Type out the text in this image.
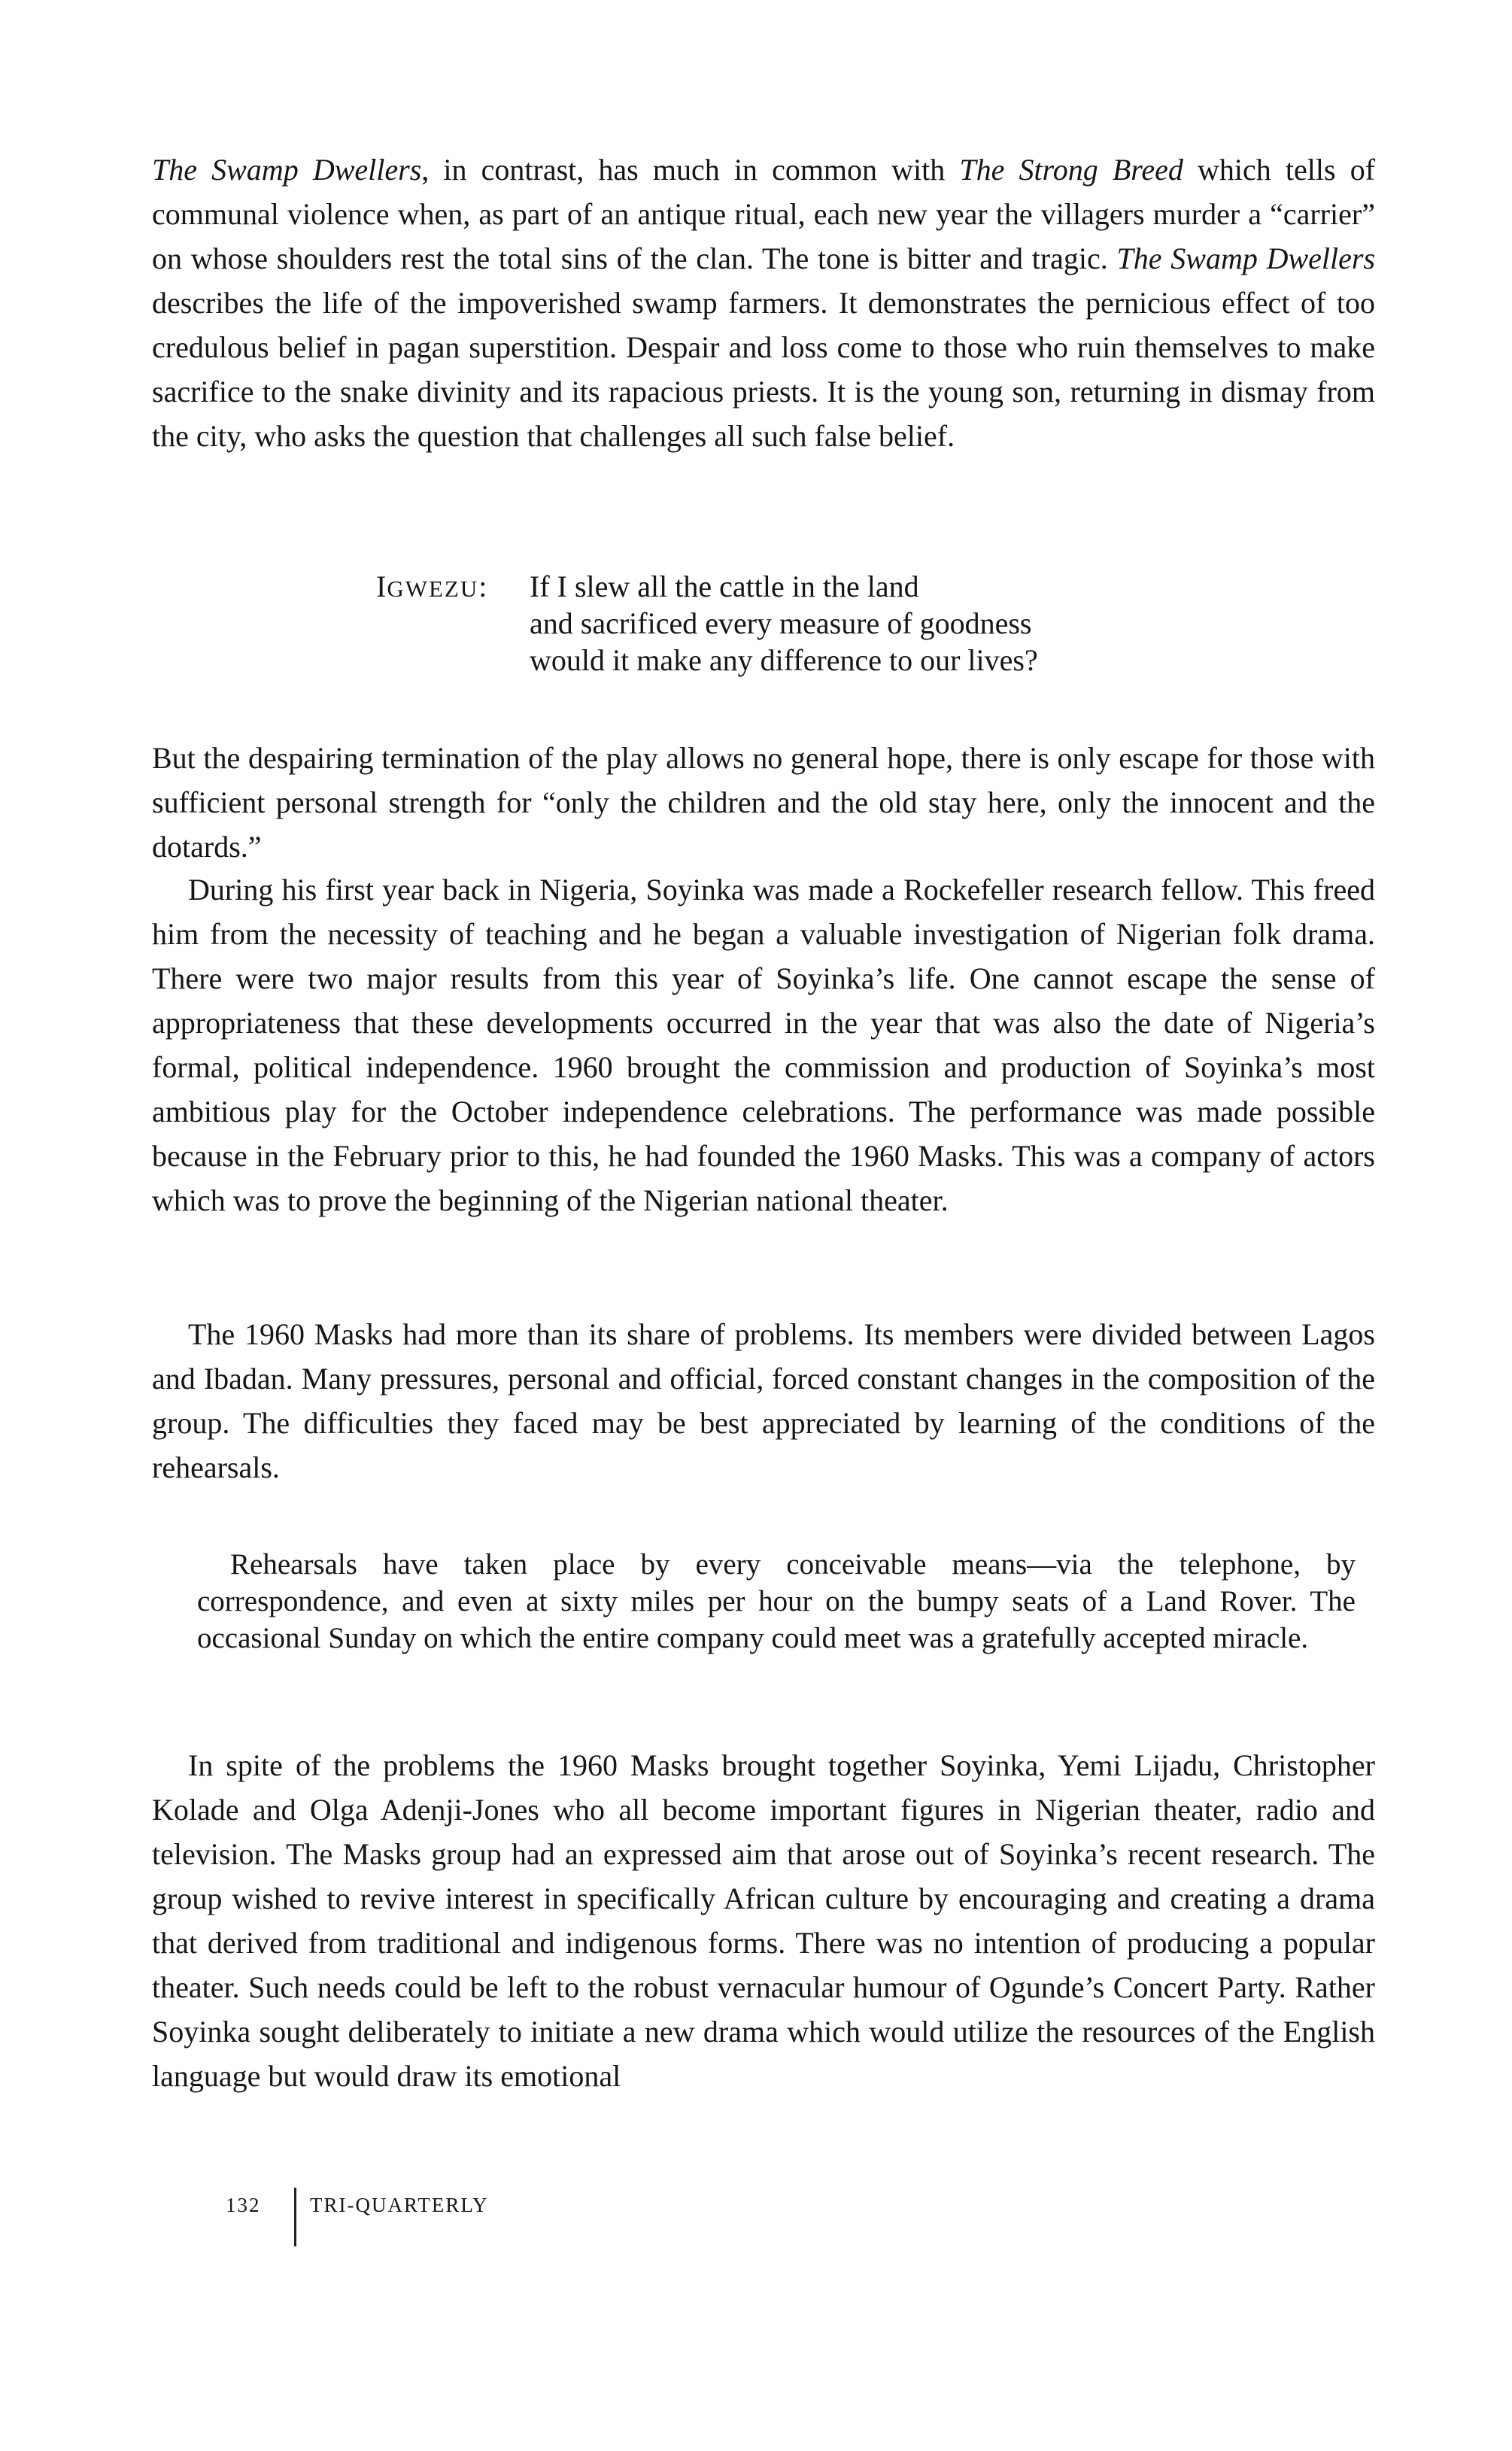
The Swamp Dwellers, in contrast, has much in common with The Strong Breed which tells of communal violence when, as part of an antique ritual, each new year the villagers murder a “carrier” on whose shoulders rest the total sins of the clan. The tone is bitter and tragic. The Swamp Dwellers describes the life of the impoverished swamp farmers. It demonstrates the pernicious effect of too credulous belief in pagan superstition. Despair and loss come to those who ruin themselves to make sacrifice to the snake divinity and its rapacious priests. It is the young son, returning in dismay from the city, who asks the question that challenges all such false belief.

IGWEZU: If I slew all the cattle in the land
and sacrificed every measure of goodness
would it make any difference to our lives?

But the despairing termination of the play allows no general hope, there is only escape for those with sufficient personal strength for “only the children and the old stay here, only the innocent and the dotards.”

During his first year back in Nigeria, Soyinka was made a Rockefeller research fellow. This freed him from the necessity of teaching and he began a valuable investigation of Nigerian folk drama. There were two major results from this year of Soyinka’s life. One cannot escape the sense of appropriateness that these developments occurred in the year that was also the date of Nigeria’s formal, political independence. 1960 brought the commission and production of Soyinka’s most ambitious play for the October independence celebrations. The performance was made possible because in the February prior to this, he had founded the 1960 Masks. This was a company of actors which was to prove the beginning of the Nigerian national theater.

The 1960 Masks had more than its share of problems. Its members were divided between Lagos and Ibadan. Many pressures, personal and official, forced constant changes in the composition of the group. The difficulties they faced may be best appreciated by learning of the conditions of the rehearsals.

Rehearsals have taken place by every conceivable means—via the telephone, by correspondence, and even at sixty miles per hour on the bumpy seats of a Land Rover. The occasional Sunday on which the entire company could meet was a gratefully accepted miracle.

In spite of the problems the 1960 Masks brought together Soyinka, Yemi Lijadu, Christopher Kolade and Olga Adenji-Jones who all become important figures in Nigerian theater, radio and television. The Masks group had an expressed aim that arose out of Soyinka’s recent research. The group wished to revive interest in specifically African culture by encouraging and creating a drama that derived from traditional and indigenous forms. There was no intention of producing a popular theater. Such needs could be left to the robust vernacular humour of Ogunde’s Concert Party. Rather Soyinka sought deliberately to initiate a new drama which would utilize the resources of the English language but would draw its emotional

132 TRI-QUARTERLY
